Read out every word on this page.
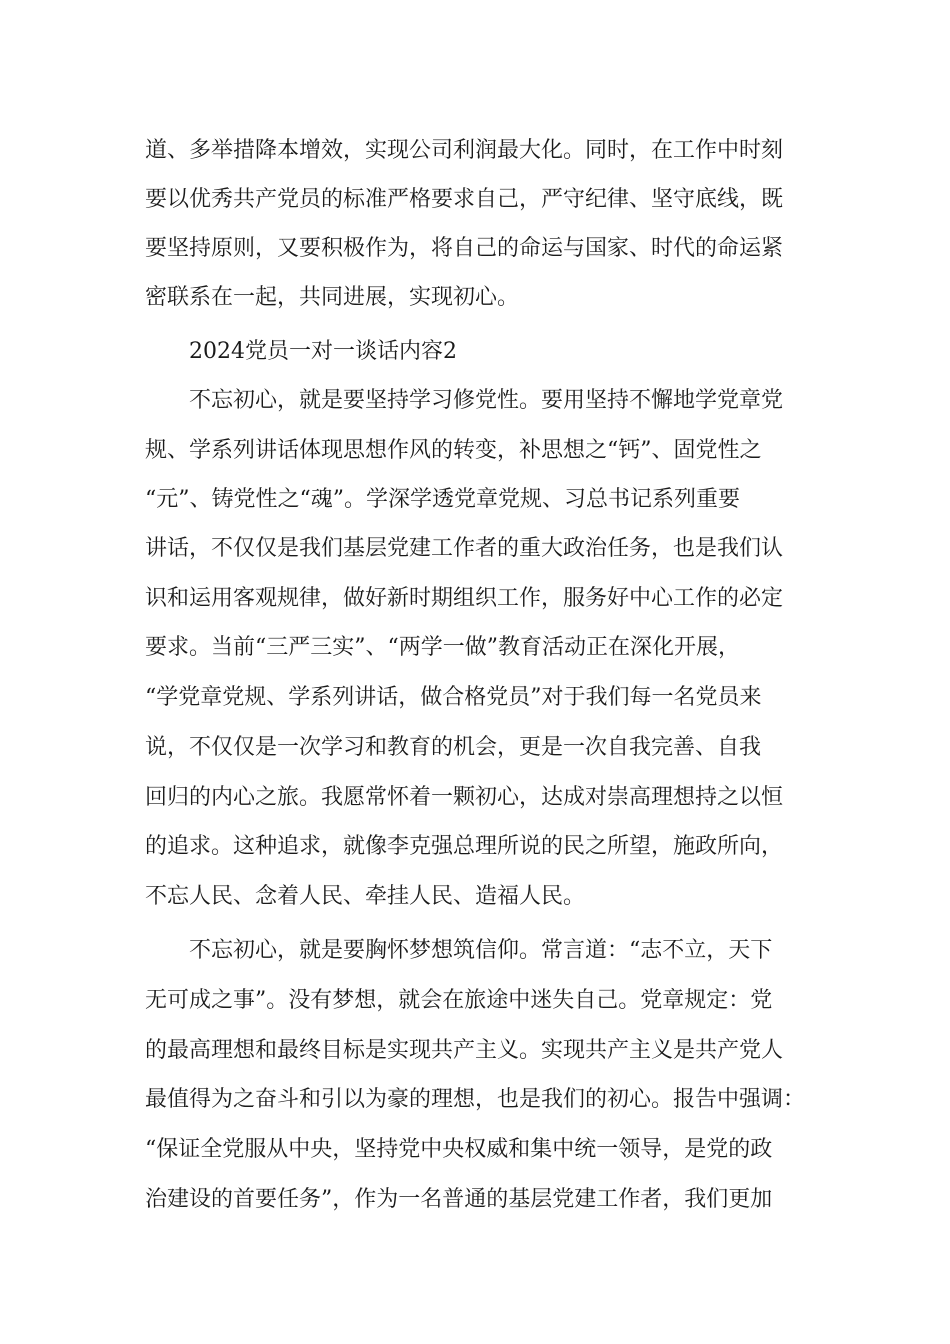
道、多举措降本增效，实现公司利润最大化。同时，在工作中时刻
要以优秀共产党员的标准严格要求自己，严守纪律、坚守底线，既
要坚持原则，又要积极作为，将自己的命运与国家、时代的命运紧
密联系在一起，共同进展，实现初心。
2024党员一对一谈话内容2
不忘初心，就是要坚持学习修党性。要用坚持不懈地学党章党
规、学系列讲话体现思想作风的转变，补思想之“钙”、固党性之
“元”、铸党性之“魂”。学深学透党章党规、习总书记系列重要
讲话，不仅仅是我们基层党建工作者的重大政治任务，也是我们认
识和运用客观规律，做好新时期组织工作，服务好中心工作的必定
要求。当前“三严三实”、“两学一做”教育活动正在深化开展，
“学党章党规、学系列讲话，做合格党员”对于我们每一名党员来
说，不仅仅是一次学习和教育的机会，更是一次自我完善、自我
回归的内心之旅。我愿常怀着一颗初心，达成对崇高理想持之以恒
的追求。这种追求，就像李克强总理所说的民之所望，施政所向，
不忘人民、念着人民、牵挂人民、造福人民。
不忘初心，就是要胸怀梦想筑信仰。常言道：“志不立，天下
无可成之事”。没有梦想，就会在旅途中迷失自己。党章规定：党
的最高理想和最终目标是实现共产主义。实现共产主义是共产党人
最值得为之奋斗和引以为豪的理想，也是我们的初心。报告中强调：
“保证全党服从中央，坚持党中央权威和集中统一领导，是党的政
治建设的首要任务”，作为一名普通的基层党建工作者，我们更加
